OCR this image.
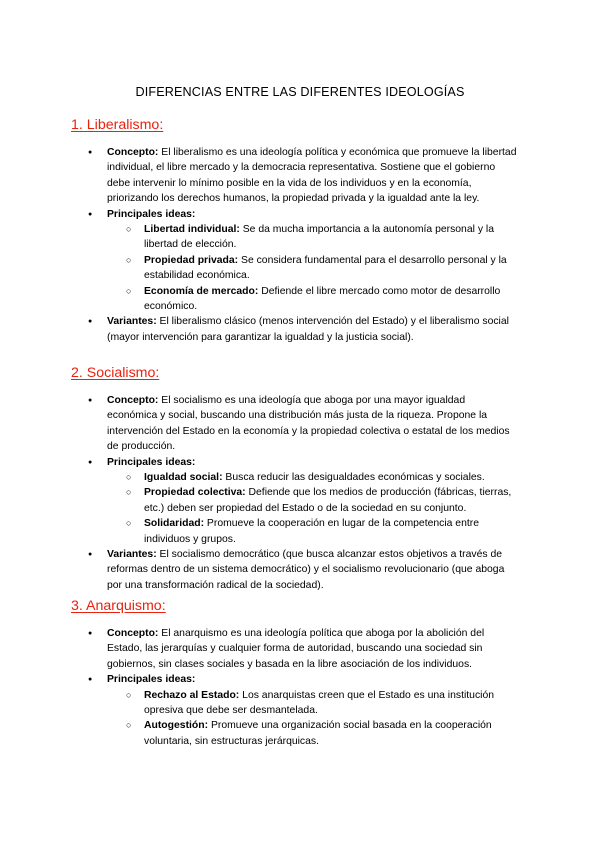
DIFERENCIAS ENTRE LAS DIFERENTES IDEOLOGÍAS
1. Liberalismo:
● Concepto: El liberalismo es una ideología política y económica que promueve la libertad individual, el libre mercado y la democracia representativa. Sostiene que el gobierno debe intervenir lo mínimo posible en la vida de los individuos y en la economía, priorizando los derechos humanos, la propiedad privada y la igualdad ante la ley.
● Principales ideas:
○ Libertad individual: Se da mucha importancia a la autonomía personal y la libertad de elección.
○ Propiedad privada: Se considera fundamental para el desarrollo personal y la estabilidad económica.
○ Economía de mercado: Defiende el libre mercado como motor de desarrollo económico.
● Variantes: El liberalismo clásico (menos intervención del Estado) y el liberalismo social (mayor intervención para garantizar la igualdad y la justicia social).
2. Socialismo:
● Concepto: El socialismo es una ideología que aboga por una mayor igualdad económica y social, buscando una distribución más justa de la riqueza. Propone la intervención del Estado en la economía y la propiedad colectiva o estatal de los medios de producción.
● Principales ideas:
○ Igualdad social: Busca reducir las desigualdades económicas y sociales.
○ Propiedad colectiva: Defiende que los medios de producción (fábricas, tierras, etc.) deben ser propiedad del Estado o de la sociedad en su conjunto.
○ Solidaridad: Promueve la cooperación en lugar de la competencia entre individuos y grupos.
● Variantes: El socialismo democrático (que busca alcanzar estos objetivos a través de reformas dentro de un sistema democrático) y el socialismo revolucionario (que aboga por una transformación radical de la sociedad).
3. Anarquismo:
● Concepto: El anarquismo es una ideología política que aboga por la abolición del Estado, las jerarquías y cualquier forma de autoridad, buscando una sociedad sin gobiernos, sin clases sociales y basada en la libre asociación de los individuos.
● Principales ideas:
○ Rechazo al Estado: Los anarquistas creen que el Estado es una institución opresiva que debe ser desmantelada.
○ Autogestión: Promueve una organización social basada en la cooperación voluntaria, sin estructuras jerárquicas.
